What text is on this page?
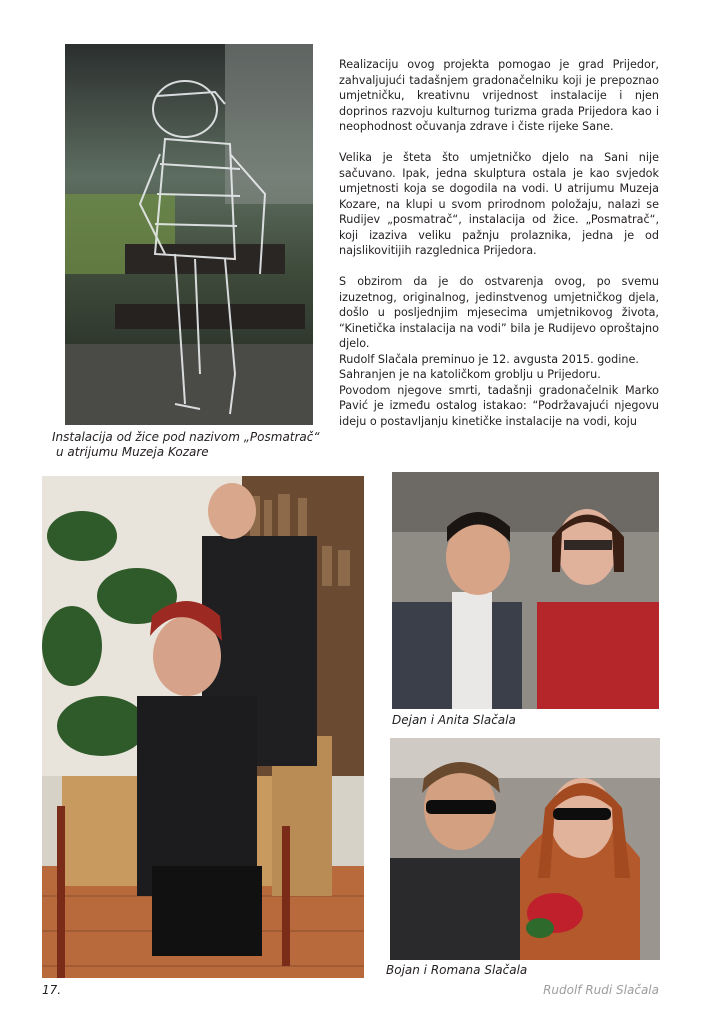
Instalacija od žice pod nazivom „Posmatrač“
u atrijumu Muzeja Kozare

Realizaciju ovog projekta pomogao je grad Prijedor, zahvaljujući tadašnjem gradonačelniku koji je prepoznao umjetničku, kreativnu vrijednost instalacije i njen doprinos razvoju kulturnog turizma grada Prijedora kao i neophodnost očuvanja zdrave i čiste rijeke Sane.

Velika je šteta što umjetničko djelo na Sani nije sačuvano. Ipak, jedna skulptura ostala je kao svjedok umjetnosti koja se dogodila na vodi. U atrijumu Muzeja Kozare, na klupi u svom prirodnom položaju, nalazi se Rudijev „posmatrač“, instalacija od žice. „Posmatrač“, koji izaziva veliku pažnju prolaznika, jedna je od najslikovitijih razglednica Prijedora.

S obzirom da je do ostvarenja ovog, po svemu izuzetnog, originalnog, jedinstvenog umjetničkog djela, došlo u posljednjim mjesecima umjetnikovog života, “Kinetička instalacija na vodi” bila je Rudijevo oproštajno djelo.

Rudolf Slačala preminuo je 12. avgusta 2015. godine.

Sahranjen je na katoličkom groblju u Prijedoru.

Povodom njegove smrti, tadašnji gradonačelnik Marko Pavić je između ostalog istakao: “Podržavajući njegovu ideju o postavljanju kinetičke instalacije na vodi, koju

Dejan i Anita Slačala
Bojan i Romana Slačala
17.	Rudolf Rudi Slačala
